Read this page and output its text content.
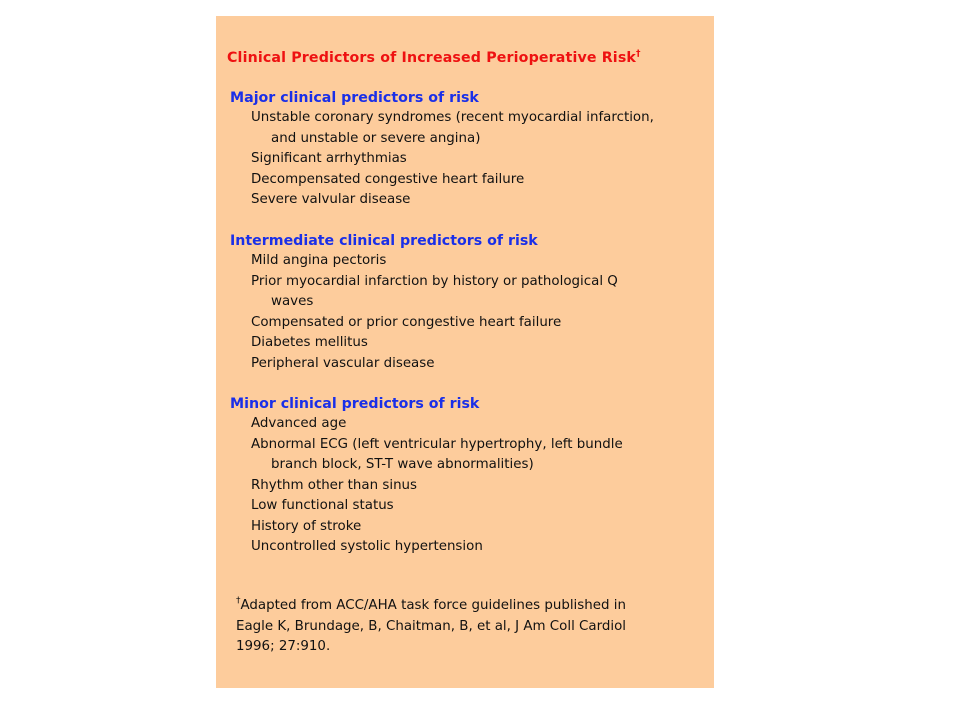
Clinical Predictors of Increased Perioperative Risk†
Major clinical predictors of risk
Unstable coronary syndromes (recent myocardial infarction,
and unstable or severe angina)
Significant arrhythmias
Decompensated congestive heart failure
Severe valvular disease
Intermediate clinical predictors of risk
Mild angina pectoris
Prior myocardial infarction by history or pathological Q
waves
Compensated or prior congestive heart failure
Diabetes mellitus
Peripheral vascular disease
Minor clinical predictors of risk
Advanced age
Abnormal ECG (left ventricular hypertrophy, left bundle
branch block, ST-T wave abnormalities)
Rhythm other than sinus
Low functional status
History of stroke
Uncontrolled systolic hypertension
†Adapted from ACC/AHA task force guidelines published in
Eagle K, Brundage, B, Chaitman, B, et al, J Am Coll Cardiol
1996; 27:910.
